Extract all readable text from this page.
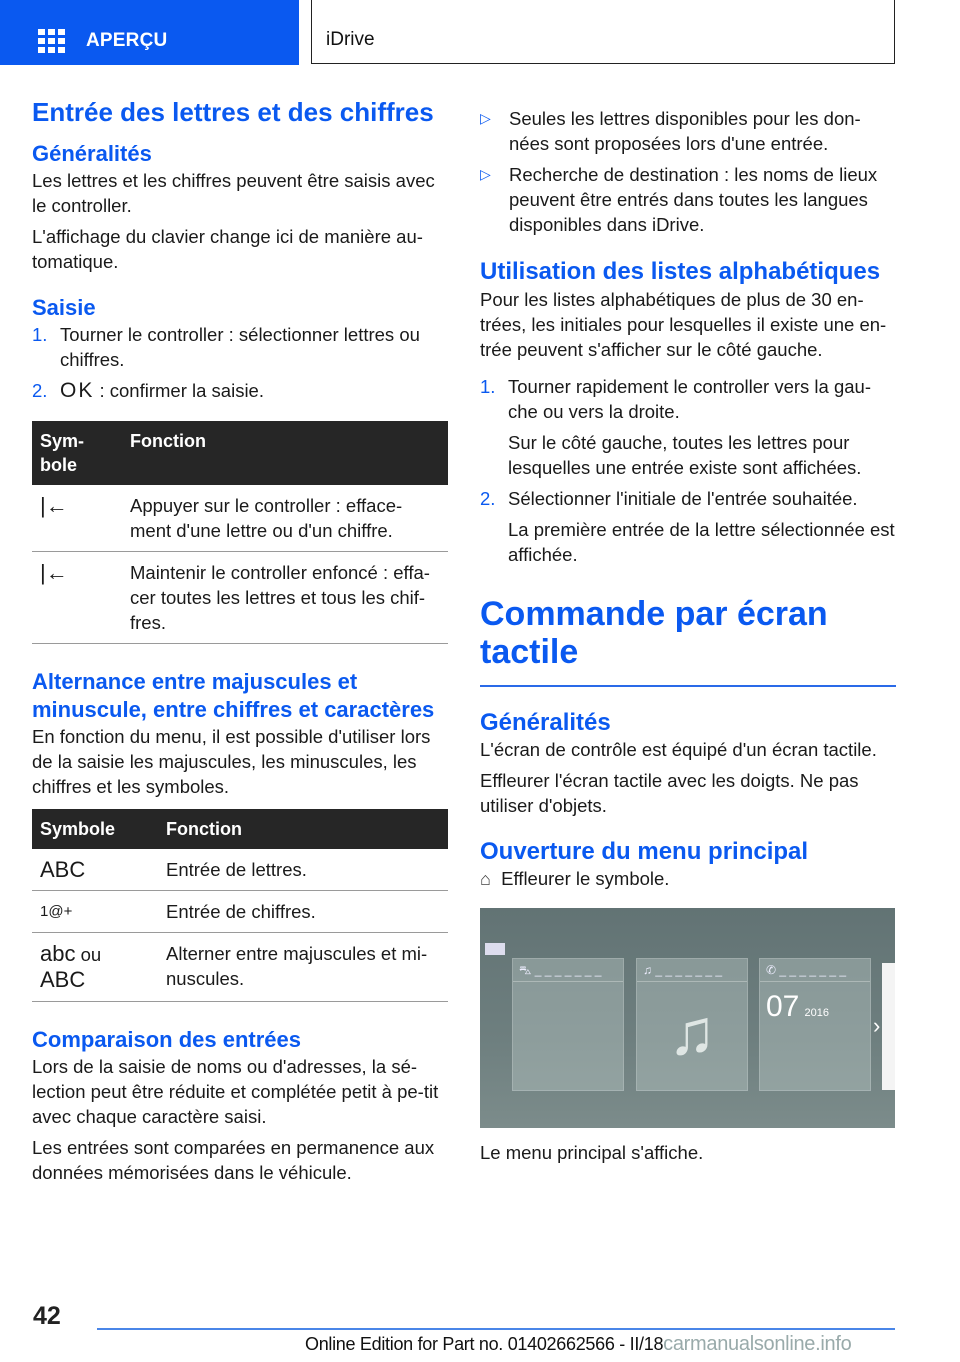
APERÇU	iDrive
Entrée des lettres et des chiffres
Généralités

Les lettres et les chiffres peuvent être saisis avec le controller.

L'affichage du clavier change ici de manière au-tomatique.

Saisie
1. Tourner le controller : sélectionner lettres ou chiffres.
2. OK : confirmer la saisie.
Sym-bole	Fonction
|←	Appuyer sur le controller : efface-ment d'une lettre ou d'un chiffre.
|←	Maintenir le controller enfoncé : effa-cer toutes les lettres et tous les chif-fres.
Alternance entre majuscules et minuscule, entre chiffres et caractères

En fonction du menu, il est possible d'utiliser lors de la saisie les majuscules, les minuscules, les chiffres et les symboles.

Symbole	Fonction
ABC	Entrée de lettres.
1@+	Entrée de chiffres.
abc ou
ABC	Alterner entre majuscules et mi-nuscules.
Comparaison des entrées

Lors de la saisie de noms ou d'adresses, la sé-lection peut être réduite et complétée petit à pe-tit avec chaque caractère saisi.

Les entrées sont comparées en permanence aux données mémorisées dans le véhicule.

▷ Seules les lettres disponibles pour les don-nées sont proposées lors d'une entrée.
▷ Recherche de destination : les noms de lieux peuvent être entrés dans toutes les langues disponibles dans iDrive.
Utilisation des listes alphabétiques

Pour les listes alphabétiques de plus de 30 en-trées, les initiales pour lesquelles il existe une en-trée peuvent s'afficher sur le côté gauche.

1. Tourner rapidement le controller vers la gau-che ou vers la droite.

Sur le côté gauche, toutes les lettres pour lesquelles une entrée existe sont affichées.
2. Sélectionner l'initiale de l'entrée souhaitée.

La première entrée de la lettre sélectionnée est affichée.
Commande par écran tactile
Généralités

L'écran de contrôle est équipé d'un écran tactile.

Effleurer l'écran tactile avec les doigts. Ne pas utiliser d'objets.

Ouverture du menu principal

⌂ Effleurer le symbole.

⛍ _ _ _ _ _ _ _	♫ _ _ _ _ _ _ _
♫
✆ _ _ _ _ _ _ _
07 2016	›

Le menu principal s'affiche.

42
Online Edition for Part no. 01402662566 - II/18carmanualsonline.info
